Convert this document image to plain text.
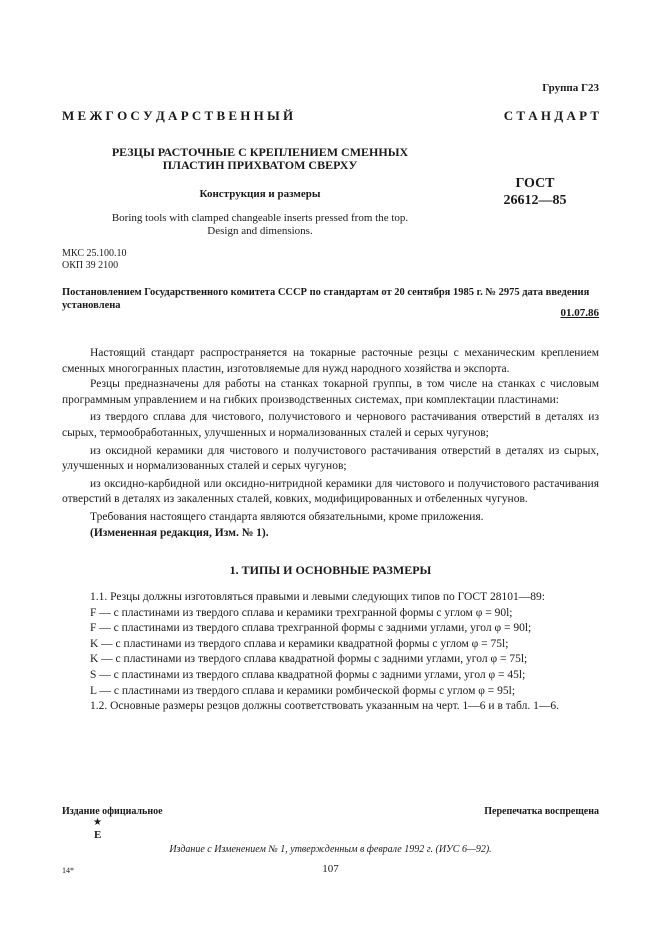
Группа Г23
М Е Ж Г О С У Д А Р С Т В Е Н Н Ы Й	С Т А Н Д А Р Т
РЕЗЦЫ РАСТОЧНЫЕ С КРЕПЛЕНИЕМ СМЕННЫХ
ПЛАСТИН ПРИХВАТОМ СВЕРХУ
Конструкция и размеры
Boring tools with clamped changeable inserts pressed from the top.
Design and dimensions.
ГОСТ
26612—85
МКС 25.100.10
ОКП 39 2100
Постановлением Государственного комитета СССР по стандартам от 20 сентября 1985 г. № 2975 дата введения установлена
01.07.86

Настоящий стандарт распространяется на токарные расточные резцы с механическим креплением сменных многогранных пластин, изготовляемые для нужд народного хозяйства и экспорта.

Резцы предназначены для работы на станках токарной группы, в том числе на станках с числовым программным управлением и на гибких производственных системах, при комплектации пластинами:

из твердого сплава для чистового, получистового и чернового растачивания отверстий в деталях из сырых, термообработанных, улучшенных и нормализованных сталей и серых чугунов;

из оксидной керамики для чистового и получистового растачивания отверстий в деталях из сырых, улучшенных и нормализованных сталей и серых чугунов;

из оксидно-карбидной или оксидно-нитридной керамики для чистового и получистового растачивания отверстий в деталях из закаленных сталей, ковких, модифицированных и отбеленных чугунов.

Требования настоящего стандарта являются обязательными, кроме приложения.

(Измененная редакция, Изм. № 1).

1. ТИПЫ И ОСНОВНЫЕ РАЗМЕРЫ

1.1. Резцы должны изготовляться правыми и левыми следующих типов по ГОСТ 28101—89:

F — с пластинами из твердого сплава и керамики трехгранной формы с углом φ = 90l;

F — с пластинами из твердого сплава трехгранной формы с задними углами, угол φ = 90l;

K — с пластинами из твердого сплава и керамики квадратной формы с углом φ = 75l;

K — с пластинами из твердого сплава квадратной формы с задними углами, угол φ = 75l;

S — с пластинами из твердого сплава квадратной формы с задними углами, угол φ = 45l;

L — с пластинами из твердого сплава и керамики ромбической формы с углом φ = 95l;

1.2. Основные размеры резцов должны соответствовать указанным на черт. 1—6 и в табл. 1—6.

Издание официальное	Перепечатка воспрещена
★
E
Издание с Изменением № 1, утвержденным в феврале 1992 г. (ИУС 6—92).
14*	107
